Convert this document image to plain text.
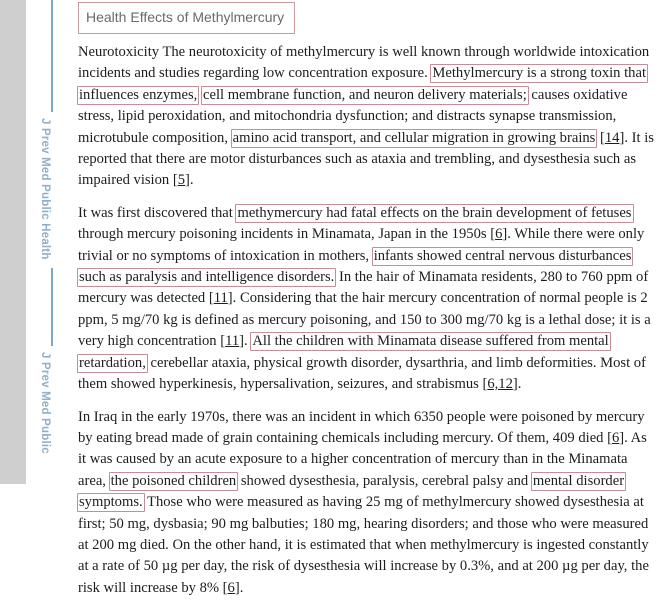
J Prev Med Public Health
J Prev Med Public
Health Effects of Methylmercury

Neurotoxicity The neurotoxicity of methylmercury is well known through worldwide intoxication incidents and studies regarding low concentration exposure. Methylmercury is a strong toxin that influences enzymes, cell membrane function, and neuron delivery materials; causes oxidative stress, lipid peroxidation, and mitochondria dysfunction; and distracts synapse transmission, microtubule composition, amino acid transport, and cellular migration in growing brains [14]. It is reported that there are motor disturbances such as ataxia and trembling, and dysesthesia such as impaired vision [5].

It was first discovered that methymercury had fatal effects on the brain development of fetuses through mercury poisoning incidents in Minamata, Japan in the 1950s [6]. While there were only trivial or no symptoms of intoxication in mothers, infants showed central nervous disturbances such as paralysis and intelligence disorders. In the hair of Minamata residents, 280 to 760 ppm of mercury was detected [11]. Considering that the hair mercury concentration of normal people is 2 ppm, 5 mg/70 kg is defined as mercury poisoning, and 150 to 300 mg/70 kg is a lethal dose; it is a very high concentration [11]. All the children with Minamata disease suffered from mental retardation, cerebellar ataxia, physical growth disorder, dysarthria, and limb deformities. Most of them showed hyperkinesis, hypersalivation, seizures, and strabismus [6,12].

In Iraq in the early 1970s, there was an incident in which 6350 people were poisoned by mercury by eating bread made of grain containing chemicals including mercury. Of them, 409 died [6]. As it was caused by an acute exposure to a higher concentration of mercury than in the Minamata area, the poisoned children showed dysesthesia, paralysis, cerebral palsy and mental disorder symptoms. Those who were measured as having 25 mg of methylmercury showed dysesthesia at first; 50 mg, dysbasia; 90 mg balbuties; 180 mg, hearing disorders; and those who were measured at 200 mg died. On the other hand, it is estimated that when methylmercury is ingested constantly at a rate of 50 µg per day, the risk of dysesthesia will increase by 0.3%, and at 200 µg per day, the risk will increase by 8% [6].
